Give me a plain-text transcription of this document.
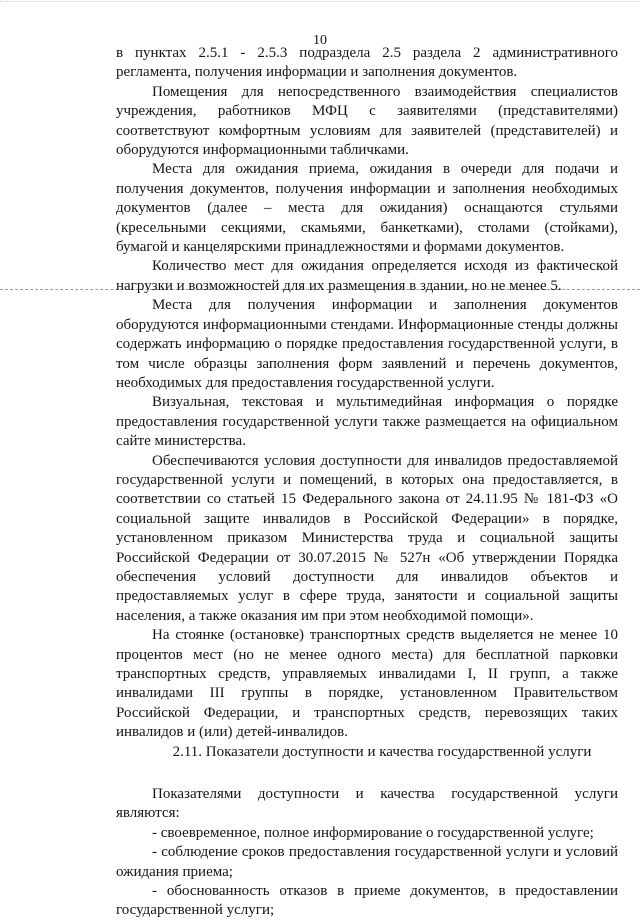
10

в пунктах 2.5.1 - 2.5.3 подраздела 2.5 раздела 2 административного регламента, получения информации и заполнения документов.

Помещения для непосредственного взаимодействия специалистов учреждения, работников МФЦ с заявителями (представителями) соответствуют комфортным условиям для заявителей (представителей) и оборудуются информационными табличками.

Места для ожидания приема, ожидания в очереди для подачи и получения документов, получения информации и заполнения необходимых документов (далее – места для ожидания) оснащаются стульями (кресельными секциями, скамьями, банкетками), столами (стойками), бумагой и канцелярскими принадлежностями и формами документов.

Количество мест для ожидания определяется исходя из фактической нагрузки и возможностей для их размещения в здании, но не менее 5.

Места для получения информации и заполнения документов оборудуются информационными стендами. Информационные стенды должны содержать информацию о порядке предоставления государственной услуги, в том числе образцы заполнения форм заявлений и перечень документов, необходимых для предоставления государственной услуги.

Визуальная, текстовая и мультимедийная информация о порядке предоставления государственной услуги также размещается на официальном сайте министерства.

Обеспечиваются условия доступности для инвалидов предоставляемой государственной услуги и помещений, в которых она предоставляется, в соответствии со статьей 15 Федерального закона от 24.11.95 № 181-ФЗ «О социальной защите инвалидов в Российской Федерации» в порядке, установленном приказом Министерства труда и социальной защиты Российской Федерации от 30.07.2015 № 527н «Об утверждении Порядка обеспечения условий доступности для инвалидов объектов и предоставляемых услуг в сфере труда, занятости и социальной защиты населения, а также оказания им при этом необходимой помощи».

На стоянке (остановке) транспортных средств выделяется не менее 10 процентов мест (но не менее одного места) для бесплатной парковки транспортных средств, управляемых инвалидами I, II групп, а также инвалидами III группы в порядке, установленном Правительством Российской Федерации, и транспортных средств, перевозящих таких инвалидов и (или) детей-инвалидов.

2.11. Показатели доступности и качества государственной услуги

Показателями доступности и качества государственной услуги являются:

- своевременное, полное информирование о государственной услуге;

- соблюдение сроков предоставления государственной услуги и условий ожидания приема;

- обоснованность отказов в приеме документов, в предоставлении государственной услуги;
